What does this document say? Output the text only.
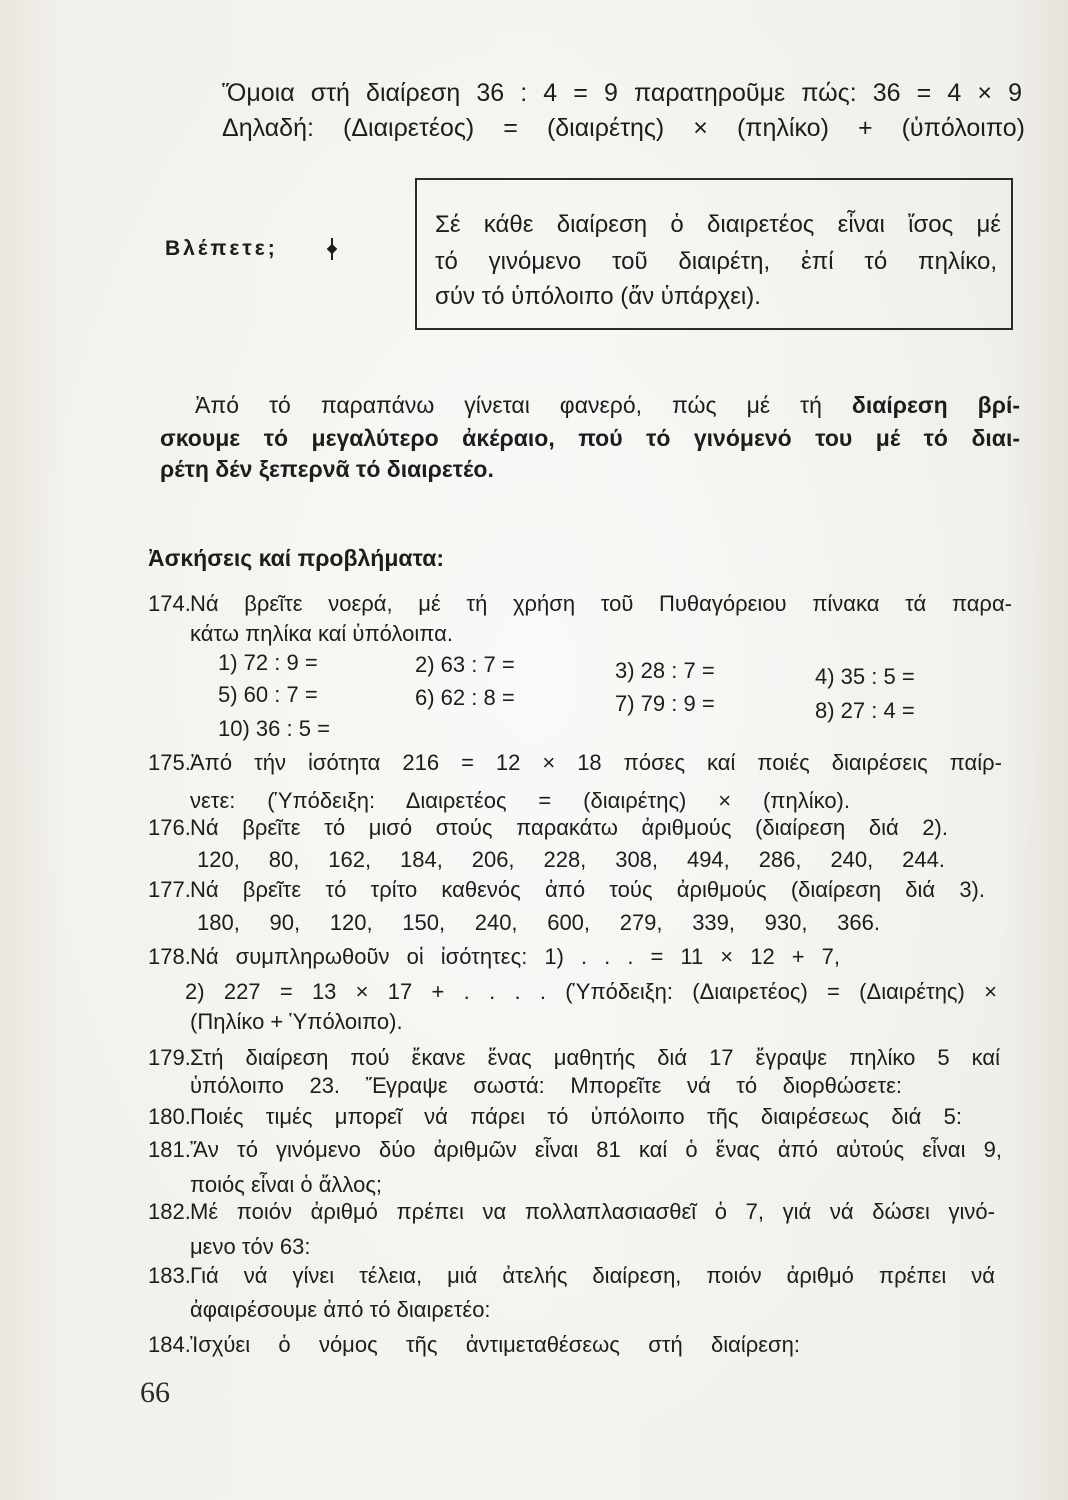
Ὅμοια στή διαίρεση 36 : 4 = 9 παρατηροῦμε πώς: 36 = 4 × 9
Δηλαδή: (Διαιρετέος) = (διαιρέτης) × (πηλίκο) + (ὑπόλοιπο)
Βλέπετε;
Σέ κάθε διαίρεση ὁ διαιρετέος εἶναι ἴσος μέ
τό γινόμενο τοῦ διαιρέτη, ἐπί τό πηλίκο,
σύν τό ὑπόλοιπο (ἄν ὑπάρχει).
Ἀπό τό παραπάνω γίνεται φανερό, πώς μέ τή διαίρεση βρί-
σκουμε τό μεγαλύτερο ἀκέραιο, πού τό γινόμενό του μέ τό διαι-
ρέτη δέν ξεπερνᾶ τό διαιρετέο.
Ἀσκήσεις καί προβλήματα:
174.Νά βρεῖτε νοερά, μέ τή χρήση τοῦ Πυθαγόρειου πίνακα τά παρα-
κάτω πηλίκα καί ὑπόλοιπα.
1) 72 : 9 =	2) 63 : 7 =	3) 28 : 7 =	4) 35 : 5 =
5) 60 : 7 =	6) 62 : 8 =	7) 79 : 9 =	8) 27 : 4 =
10) 36 : 5 =
175.Ἀπό τήν ἰσότητα 216 = 12 × 18 πόσες καί ποιές διαιρέσεις παίρ-
νετε: (Ὑπόδειξη: Διαιρετέος = (διαιρέτης) × (πηλίκο).
176.Νά βρεῖτε τό μισό στούς παρακάτω ἀριθμούς (διαίρεση διά 2).
120, 80, 162, 184, 206, 228, 308, 494, 286, 240, 244.
177.Νά βρεῖτε τό τρίτο καθενός ἀπό τούς ἀριθμούς (διαίρεση διά 3).
180, 90, 120, 150, 240, 600, 279, 339, 930, 366.
178.Νά συμπληρωθοῦν οἱ ἰσότητες: 1) . . . = 11 × 12 + 7,
2) 227 = 13 × 17 + . . . . (Ὑπόδειξη: (Διαιρετέος) = (Διαιρέτης) ×
(Πηλίκο + Ὑπόλοιπο).
179.Στή διαίρεση πού ἔκανε ἕνας μαθητής διά 17 ἔγραψε πηλίκο 5 καί
ὑπόλοιπο 23. Ἔγραψε σωστά: Μπορεῖτε νά τό διορθώσετε:
180.Ποιές τιμές μπορεῖ νά πάρει τό ὑπόλοιπο τῆς διαιρέσεως διά 5:
181.Ἄν τό γινόμενο δύο ἀριθμῶν εἶναι 81 καί ὁ ἕνας ἀπό αὐτούς εἶναι 9,
ποιός εἶναι ὁ ἄλλος;
182.Μέ ποιόν ἀριθμό πρέπει να πολλαπλασιασθεῖ ὁ 7, γιά νά δώσει γινό-
μενο τόν 63:
183.Γιά νά γίνει τέλεια, μιά ἀτελής διαίρεση, ποιόν ἀριθμό πρέπει νά
ἀφαιρέσουμε ἀπό τό διαιρετέο:
184.Ἰσχύει ὁ νόμος τῆς ἀντιμεταθέσεως στή διαίρεση:
66
